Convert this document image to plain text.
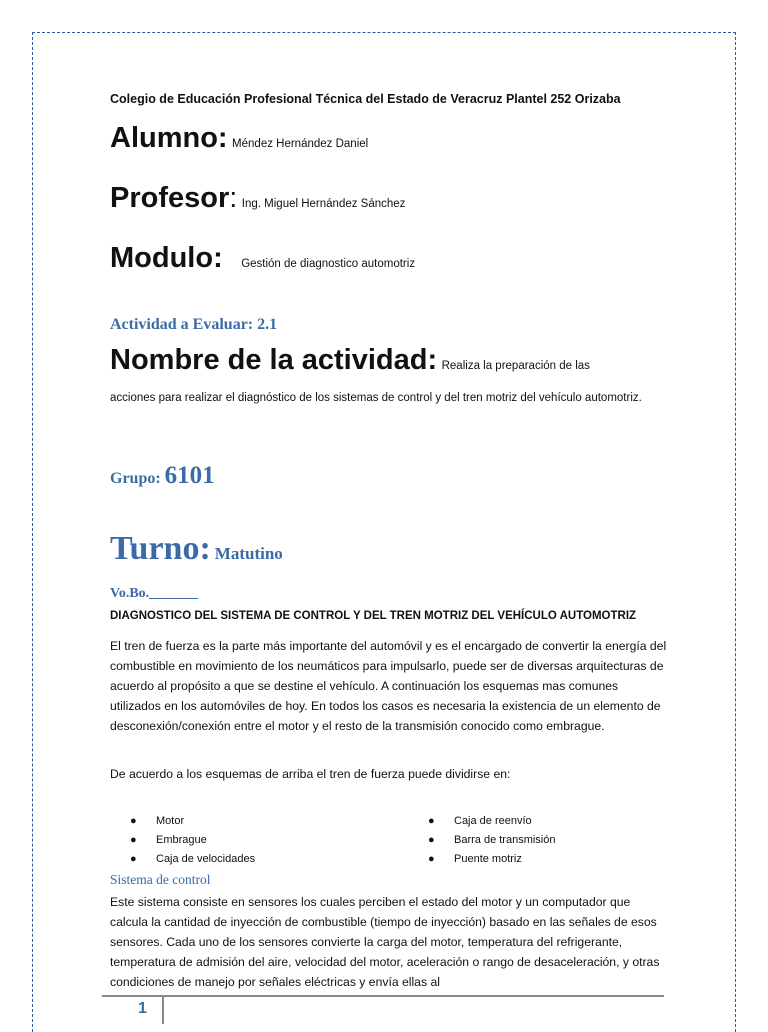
Colegio de Educación Profesional Técnica del Estado de Veracruz Plantel 252 Orizaba
Alumno: Méndez Hernández Daniel
Profesor: Ing. Miguel Hernández Sánchez
Modulo: Gestión de diagnostico automotriz
Actividad a Evaluar: 2.1
Nombre de la actividad: Realiza la preparación de las
acciones para realizar el diagnóstico de los sistemas de control y del tren motriz del vehículo automotriz.
Grupo: 6101
Turno: Matutino
Vo.Bo._______
DIAGNOSTICO DEL SISTEMA DE CONTROL Y DEL TREN MOTRIZ DEL VEHÍCULO AUTOMOTRIZ
El tren de fuerza es la parte más importante del automóvil y es el encargado de convertir la energía del combustible en movimiento de los neumáticos para impulsarlo, puede ser de diversas arquitecturas de acuerdo al propósito a que se destine el vehículo. A continuación los esquemas mas comunes utilizados en los automóviles de hoy. En todos los casos es necesaria la existencia de un elemento de desconexión/conexión entre el motor y el resto de la transmisión conocido como embrague.
De acuerdo a los esquemas de arriba el tren de fuerza puede dividirse en:
● Motor
● Embrague
● Caja de velocidades
● Caja de reenvío
● Barra de transmisión
● Puente motriz
Sistema de control
Este sistema consiste en sensores los cuales perciben el estado del motor y un computador que calcula la cantidad de inyección de combustible (tiempo de inyección) basado en las señales de esos sensores. Cada uno de los sensores convierte la carga del motor, temperatura del refrigerante, temperatura de admisión del aire, velocidad del motor, aceleración o rango de desaceleración, y otras condiciones de manejo por señales eléctricas y envía ellas al
1
